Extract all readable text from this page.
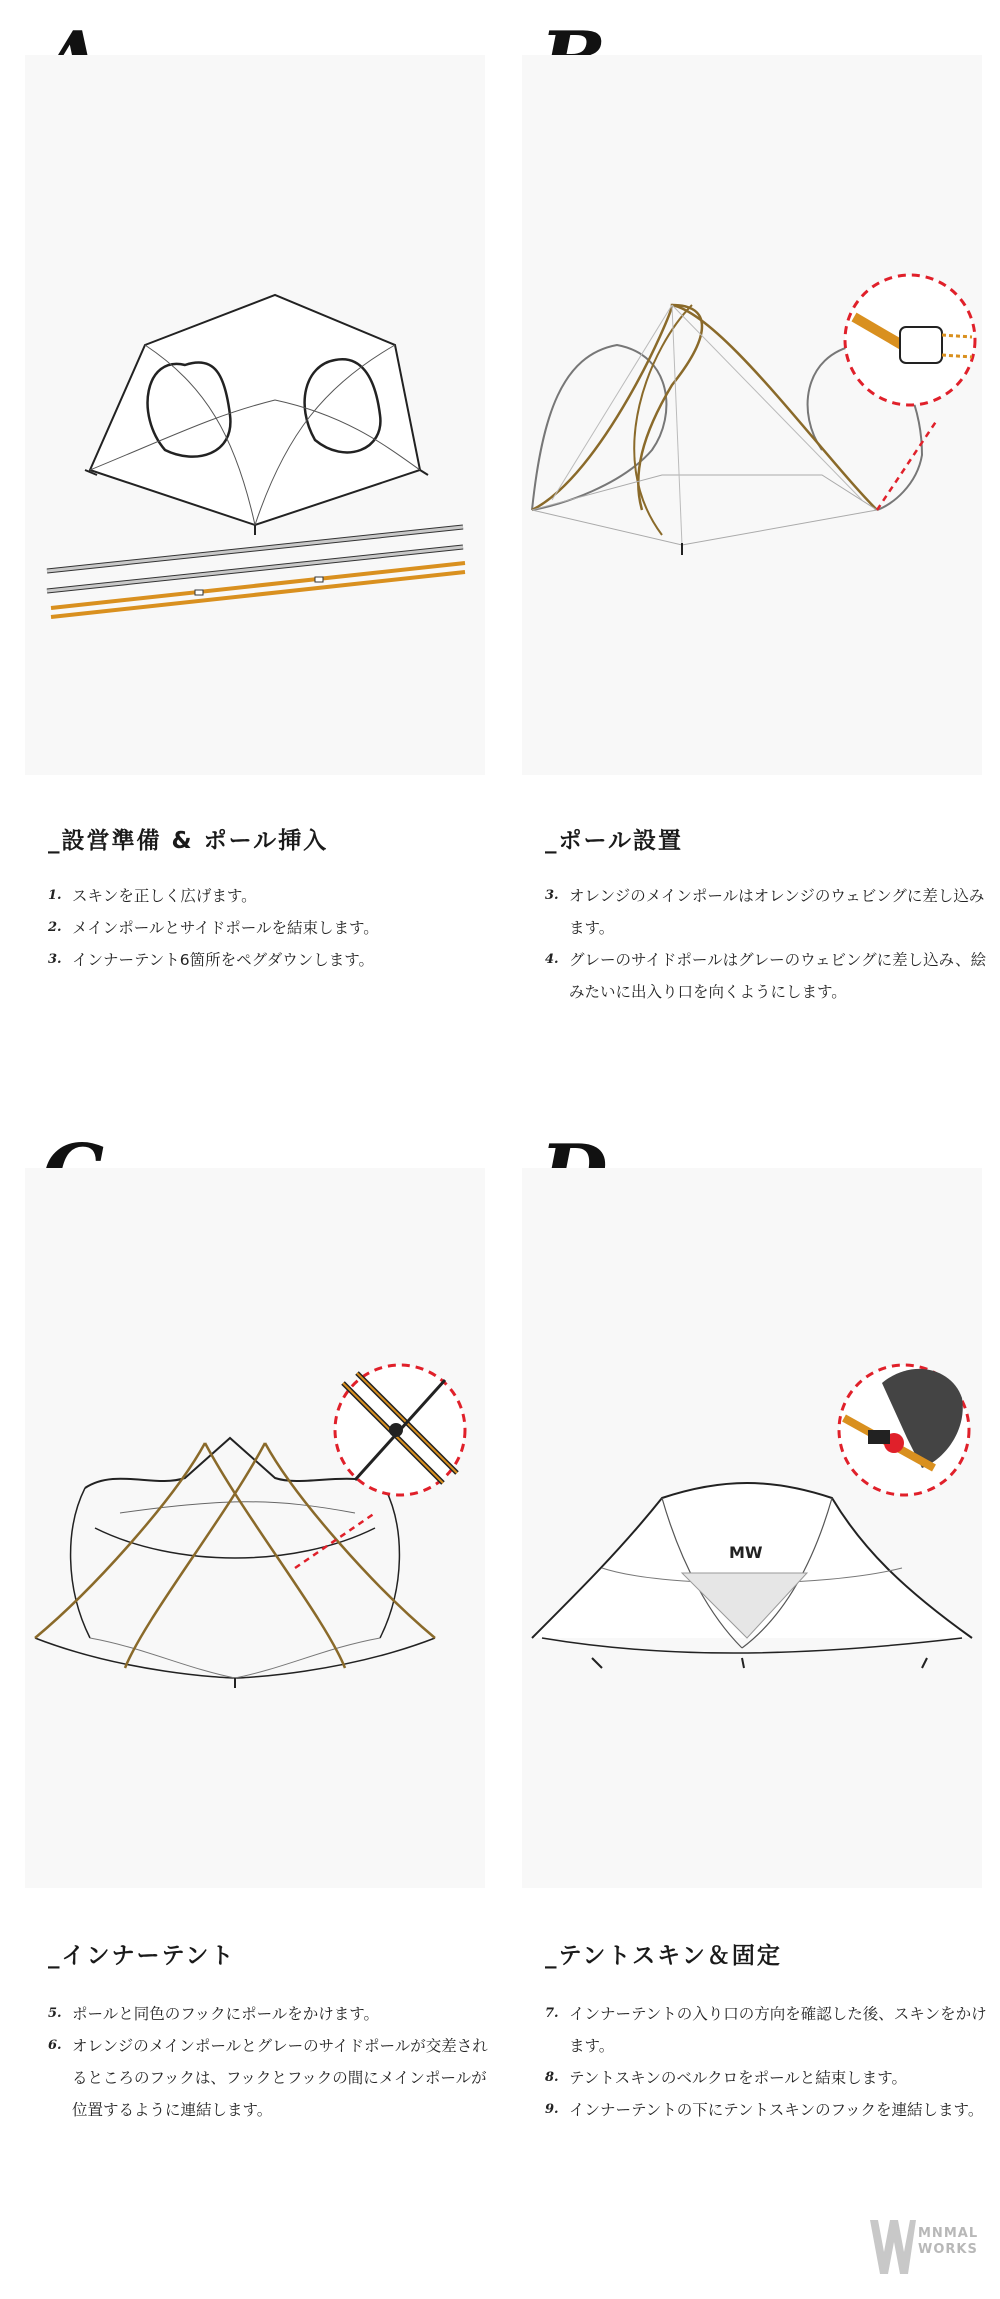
_設営準備 & ポール挿入
1. スキンを正しく広げます。
2. メインポールとサイドポールを結束します。
3. インナーテント6箇所をペグダウンします。
_ポール設置
3. オレンジのメインポールはオレンジのウェビングに差し込みます。
4. グレーのサイドポールはグレーのウェビングに差し込み、絵みたいに出入り口を向くようにします。
_インナーテント
5. ポールと同色のフックにポールをかけます。
6. オレンジのメインポールとグレーのサイドポールが交差されるところのフックは、フックとフックの間にメインポールが位置するように連結します。
MW
_テントスキン＆固定
7. インナーテントの入り口の方向を確認した後、スキンをかけます。
8. テントスキンのベルクロをポールと結束します。
9. インナーテントの下にテントスキンのフックを連結します。
MNMAL
WORKS
